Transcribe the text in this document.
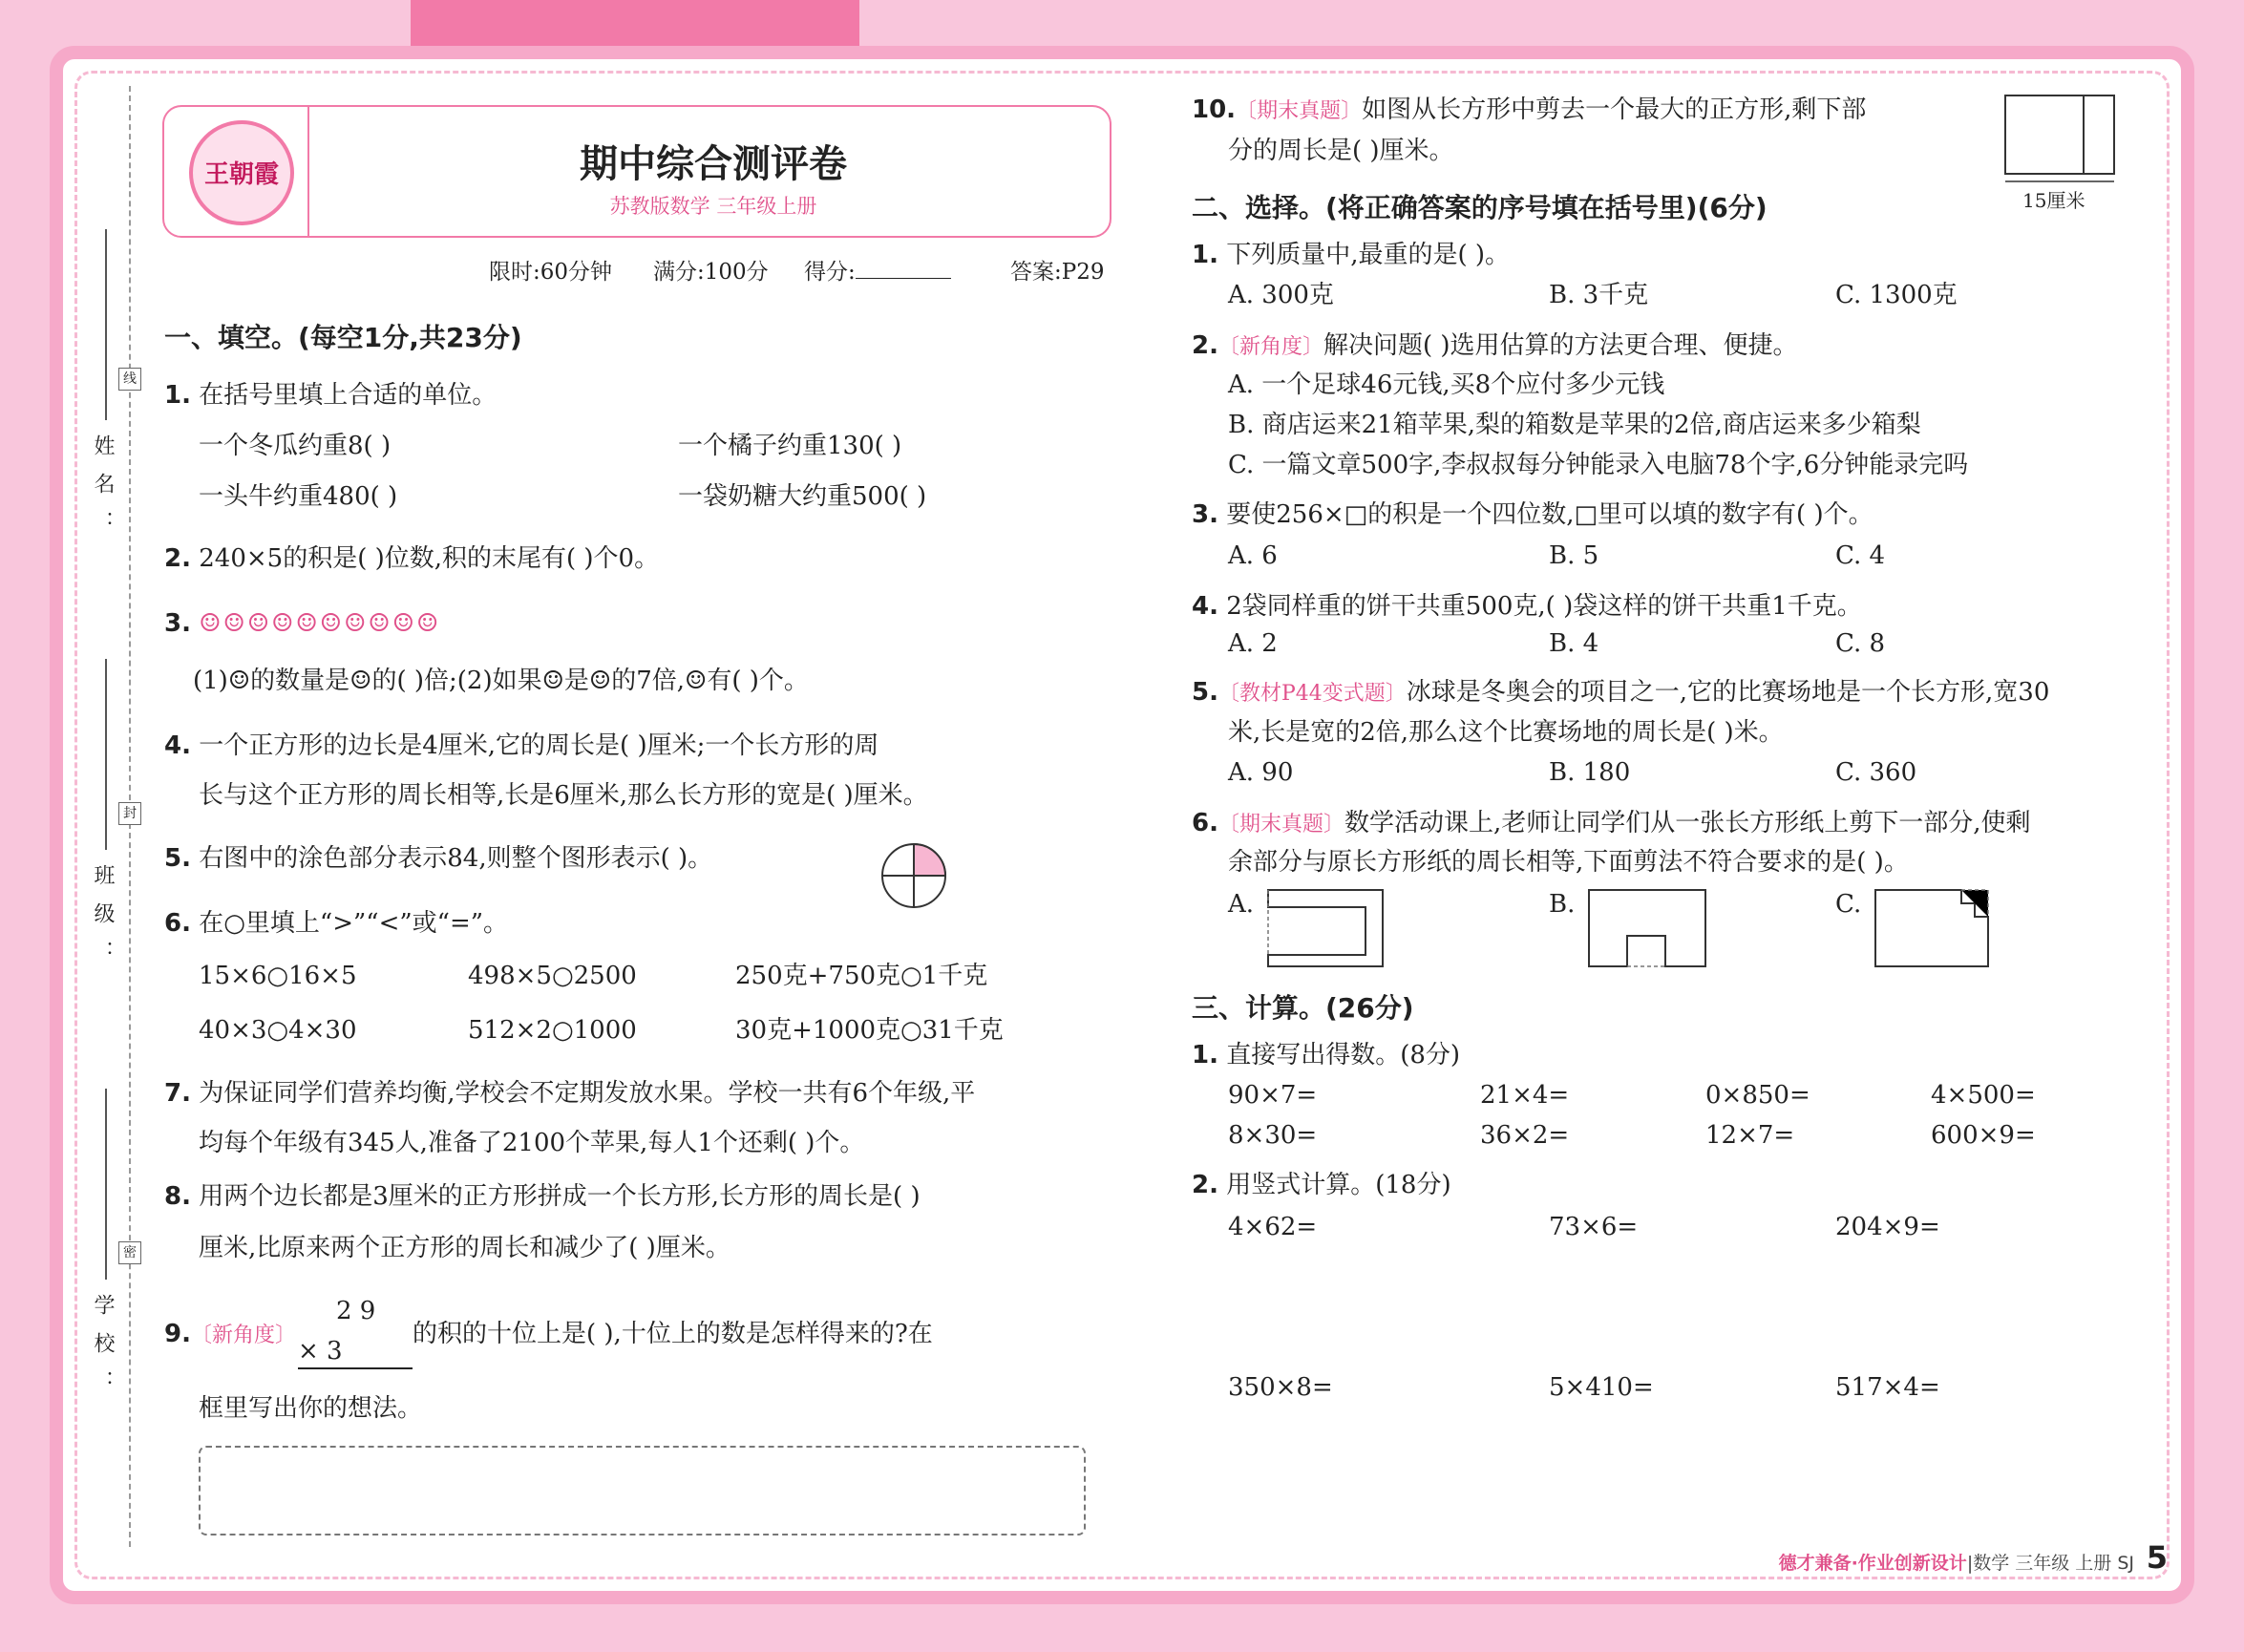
姓名：
班级：
学校：
线
封
密
王朝霞	期中综合测评卷
苏教版数学 三年级上册
限时:60分钟 满分:100分 得分:	答案:P29
一、填空。(每空1分,共23分)
1. 在括号里填上合适的单位。
一个冬瓜约重8( )	一个橘子约重130( )
一头牛约重480( )	一袋奶糖大约重500( )
2. 240×5的积是( )位数,积的末尾有( )个0。
3. ☺☺☺☺☺☺☺☺☺☺
(1)☺的数量是☺的( )倍;(2)如果☺是☺的7倍,☺有( )个。
4. 一个正方形的边长是4厘米,它的周长是( )厘米;一个长方形的周
长与这个正方形的周长相等,长是6厘米,那么长方形的宽是( )厘米。
5. 右图中的涂色部分表示84,则整个图形表示( )。
6. 在○里填上“>”“<”或“=”。
15×6○16×5	498×5○2500	250克+750克○1千克
40×3○4×30	512×2○1000	30克+1000克○31千克
7. 为保证同学们营养均衡,学校会不定期发放水果。学校一共有6个年级,平
均每个年级有345人,准备了2100个苹果,每人1个还剩( )个。
8. 用两个边长都是3厘米的正方形拼成一个长方形,长方形的周长是( )
厘米,比原来两个正方形的周长和减少了( )厘米。
9.〔新角度〕
2 9
× 3
的积的十位上是( ),十位上的数是怎样得来的?在
框里写出你的想法。
10.〔期末真题〕如图从长方形中剪去一个最大的正方形,剩下部
分的周长是( )厘米。
15厘米
二、选择。(将正确答案的序号填在括号里)(6分)
1. 下列质量中,最重的是( )。
A. 300克	B. 3千克	C. 1300克
2.〔新角度〕解决问题( )选用估算的方法更合理、便捷。
A. 一个足球46元钱,买8个应付多少元钱
B. 商店运来21箱苹果,梨的箱数是苹果的2倍,商店运来多少箱梨
C. 一篇文章500字,李叔叔每分钟能录入电脑78个字,6分钟能录完吗
3. 要使256×□的积是一个四位数,□里可以填的数字有( )个。
A. 6	B. 5	C. 4
4. 2袋同样重的饼干共重500克,( )袋这样的饼干共重1千克。
A. 2	B. 4	C. 8
5.〔教材P44变式题〕冰球是冬奥会的项目之一,它的比赛场地是一个长方形,宽30
米,长是宽的2倍,那么这个比赛场地的周长是( )米。
A. 90	B. 180	C. 360
6.〔期末真题〕数学活动课上,老师让同学们从一张长方形纸上剪下一部分,使剩
余部分与原长方形纸的周长相等,下面剪法不符合要求的是( )。
A.	B.	C.
三、计算。(26分)
1. 直接写出得数。(8分)
90×7=	21×4=	0×850=	4×500=
8×30=	36×2=	12×7=	600×9=
2. 用竖式计算。(18分)
4×62=	73×6=	204×9=
350×8=	5×410=	517×4=
德才兼备·作业创新设计|数学 三年级 上册 SJ 5
